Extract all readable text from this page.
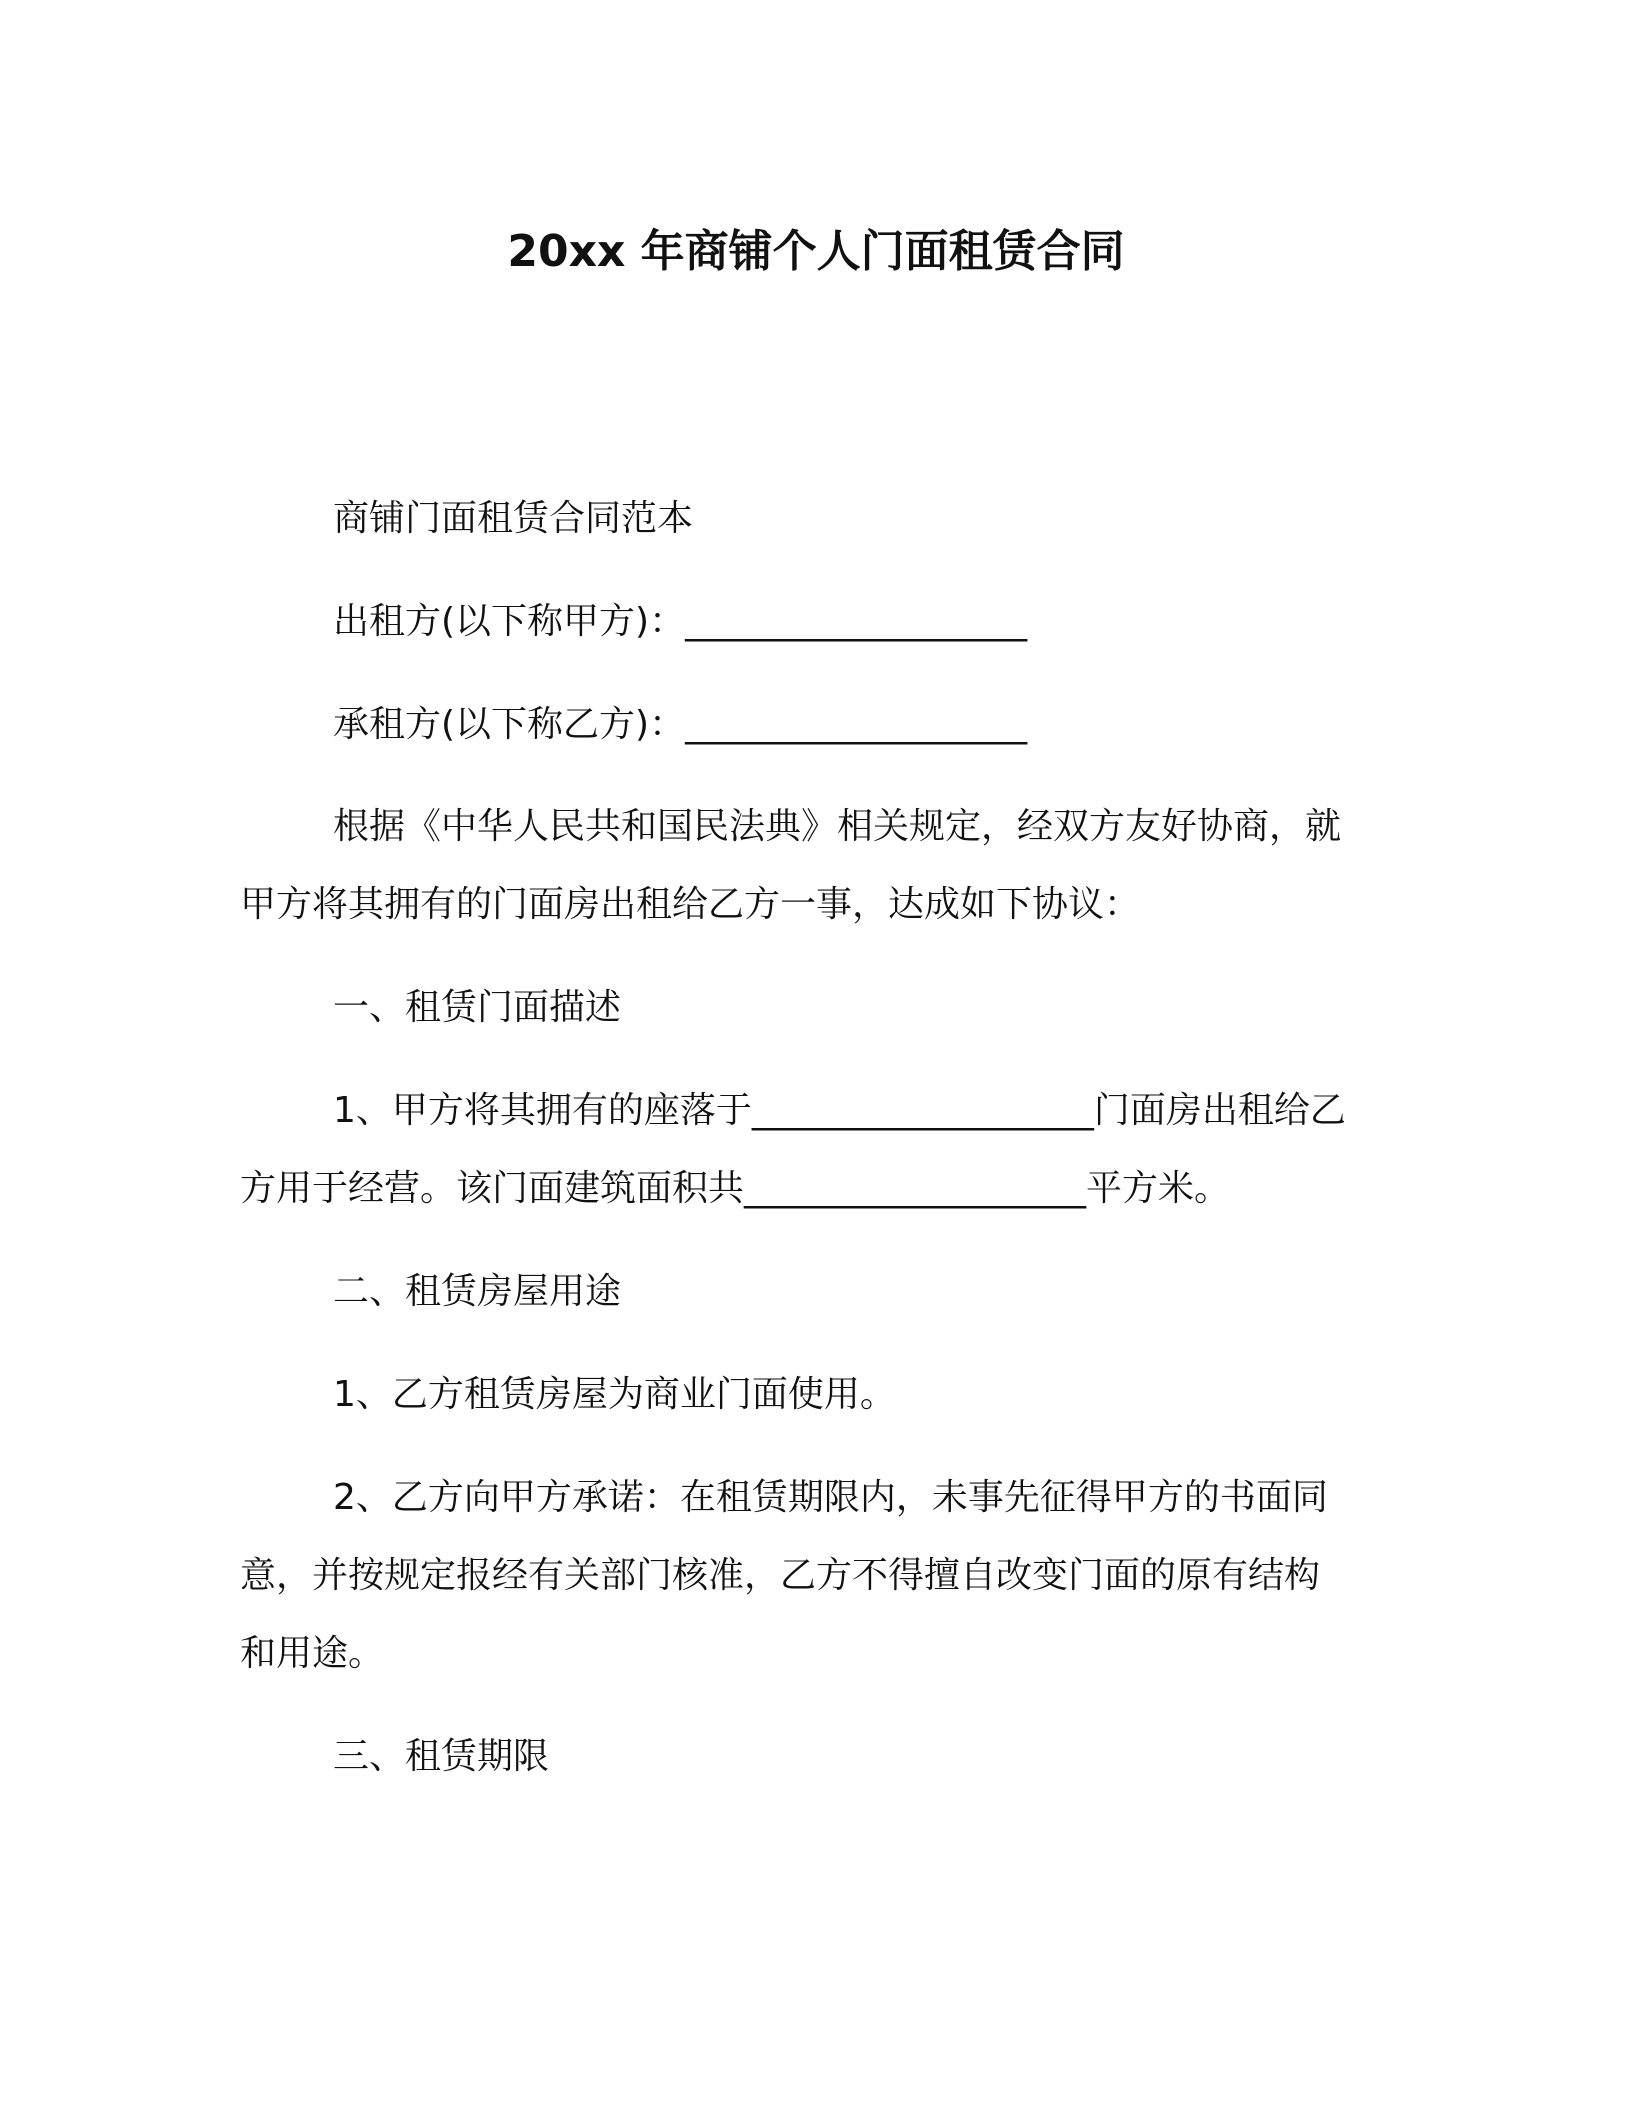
20xx 年商铺个人门面租赁合同
商铺门面租赁合同范本
出租方(以下称甲方)：___________________
承租方(以下称乙方)：___________________
根据《中华人民共和国民法典》相关规定，经双方友好协商，就
甲方将其拥有的门面房出租给乙方一事，达成如下协议：
一、租赁门面描述
1、甲方将其拥有的座落于___________________门面房出租给乙
方用于经营。该门面建筑面积共___________________平方米。
二、租赁房屋用途
1、乙方租赁房屋为商业门面使用。
2、乙方向甲方承诺：在租赁期限内，未事先征得甲方的书面同
意，并按规定报经有关部门核准，乙方不得擅自改变门面的原有结构
和用途。
三、租赁期限
